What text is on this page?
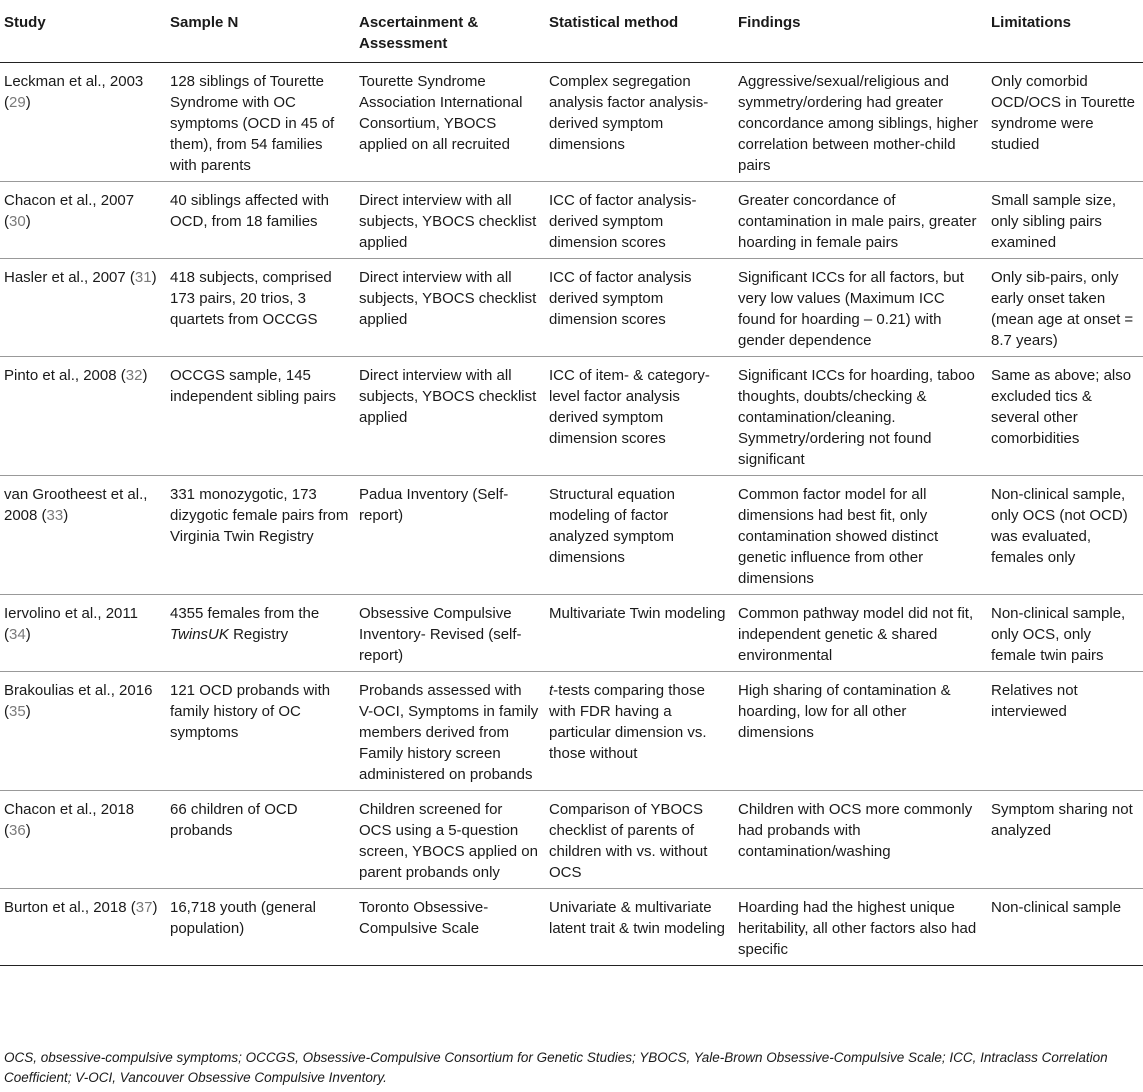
Study	Sample N	Ascertainment & Assessment	Statistical method	Findings	Limitations
Leckman et al., 2003 (29)	128 siblings of Tourette Syndrome with OC symptoms (OCD in 45 of them), from 54 families with parents	Tourette Syndrome Association International Consortium, YBOCS applied on all recruited	Complex segregation analysis factor analysis-derived symptom dimensions	Aggressive/sexual/religious and symmetry/ordering had greater concordance among siblings, higher correlation between mother-child pairs	Only comorbid OCD/OCS in Tourette syndrome were studied
Chacon et al., 2007 (30)	40 siblings affected with OCD, from 18 families	Direct interview with all subjects, YBOCS checklist applied	ICC of factor analysis-derived symptom dimension scores	Greater concordance of contamination in male pairs, greater hoarding in female pairs	Small sample size, only sibling pairs examined
Hasler et al., 2007 (31)	418 subjects, comprised 173 pairs, 20 trios, 3 quartets from OCCGS	Direct interview with all subjects, YBOCS checklist applied	ICC of factor analysis derived symptom dimension scores	Significant ICCs for all factors, but very low values (Maximum ICC found for hoarding – 0.21) with gender dependence	Only sib-pairs, only early onset taken (mean age at onset = 8.7 years)
Pinto et al., 2008 (32)	OCCGS sample, 145 independent sibling pairs	Direct interview with all subjects, YBOCS checklist applied	ICC of item- & category-level factor analysis derived symptom dimension scores	Significant ICCs for hoarding, taboo thoughts, doubts/checking & contamination/cleaning. Symmetry/ordering not found significant	Same as above; also excluded tics & several other comorbidities
van Grootheest et al., 2008 (33)	331 monozygotic, 173 dizygotic female pairs from Virginia Twin Registry	Padua Inventory (Self-report)	Structural equation modeling of factor analyzed symptom dimensions	Common factor model for all dimensions had best fit, only contamination showed distinct genetic influence from other dimensions	Non-clinical sample, only OCS (not OCD) was evaluated, females only
Iervolino et al., 2011 (34)	4355 females from the TwinsUK Registry	Obsessive Compulsive Inventory- Revised (self-report)	Multivariate Twin modeling	Common pathway model did not fit, independent genetic & shared environmental	Non-clinical sample, only OCS, only female twin pairs
Brakoulias et al., 2016 (35)	121 OCD probands with family history of OC symptoms	Probands assessed with V-OCI, Symptoms in family members derived from Family history screen administered on probands	t-tests comparing those with FDR having a particular dimension vs. those without	High sharing of contamination & hoarding, low for all other dimensions	Relatives not interviewed
Chacon et al., 2018 (36)	66 children of OCD probands	Children screened for OCS using a 5-question screen, YBOCS applied on parent probands only	Comparison of YBOCS checklist of parents of children with vs. without OCS	Children with OCS more commonly had probands with contamination/washing	Symptom sharing not analyzed
Burton et al., 2018 (37)	16,718 youth (general population)	Toronto Obsessive-Compulsive Scale	Univariate & multivariate latent trait & twin modeling	Hoarding had the highest unique heritability, all other factors also had specific	Non-clinical sample
OCS, obsessive-compulsive symptoms; OCCGS, Obsessive-Compulsive Consortium for Genetic Studies; YBOCS, Yale-Brown Obsessive-Compulsive Scale; ICC, Intraclass Correlation Coefficient; V-OCI, Vancouver Obsessive Compulsive Inventory.
